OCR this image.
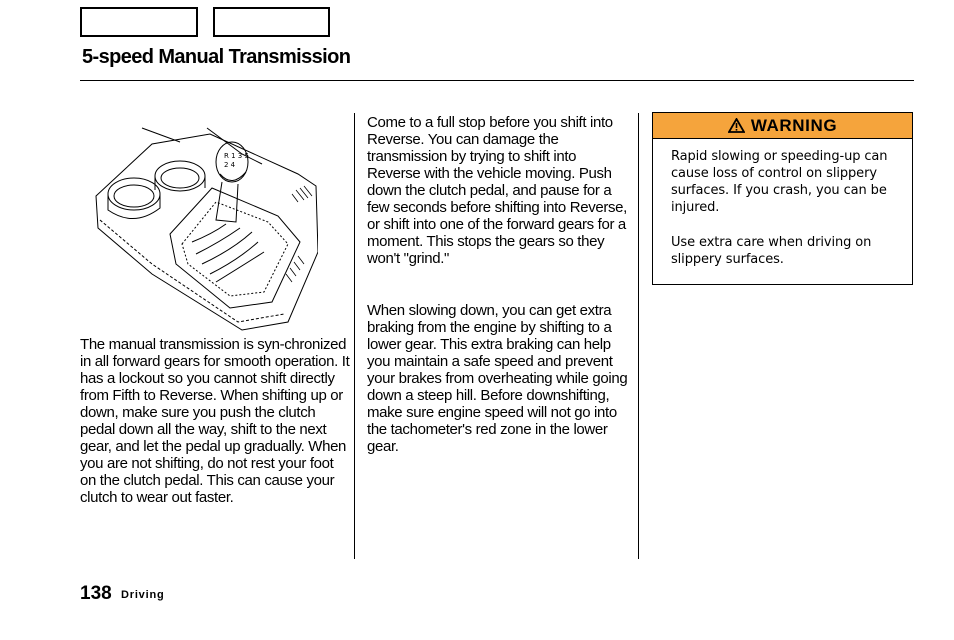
5-speed Manual Transmission
R 1 3 5
2 4

The manual transmission is syn-chronized in all forward gears for smooth operation. It has a lockout so you cannot shift directly from Fifth to Reverse. When shifting up or down, make sure you push the clutch pedal down all the way, shift to the next gear, and let the pedal up gradually. When you are not shifting, do not rest your foot on the clutch pedal. This can cause your clutch to wear out faster.

Come to a full stop before you shift into Reverse. You can damage the transmission by trying to shift into Reverse with the vehicle moving. Push down the clutch pedal, and pause for a few seconds before shifting into Reverse, or shift into one of the forward gears for a moment. This stops the gears so they won't "grind."

When slowing down, you can get extra braking from the engine by shifting to a lower gear. This extra braking can help you maintain a safe speed and prevent your brakes from overheating while going down a steep hill. Before downshifting, make sure engine speed will not go into the tachometer's red zone in the lower gear.

WARNING

Rapid slowing or speeding-up can cause loss of control on slippery surfaces. If you crash, you can be injured.

Use extra care when driving on slippery surfaces.

138 Driving
